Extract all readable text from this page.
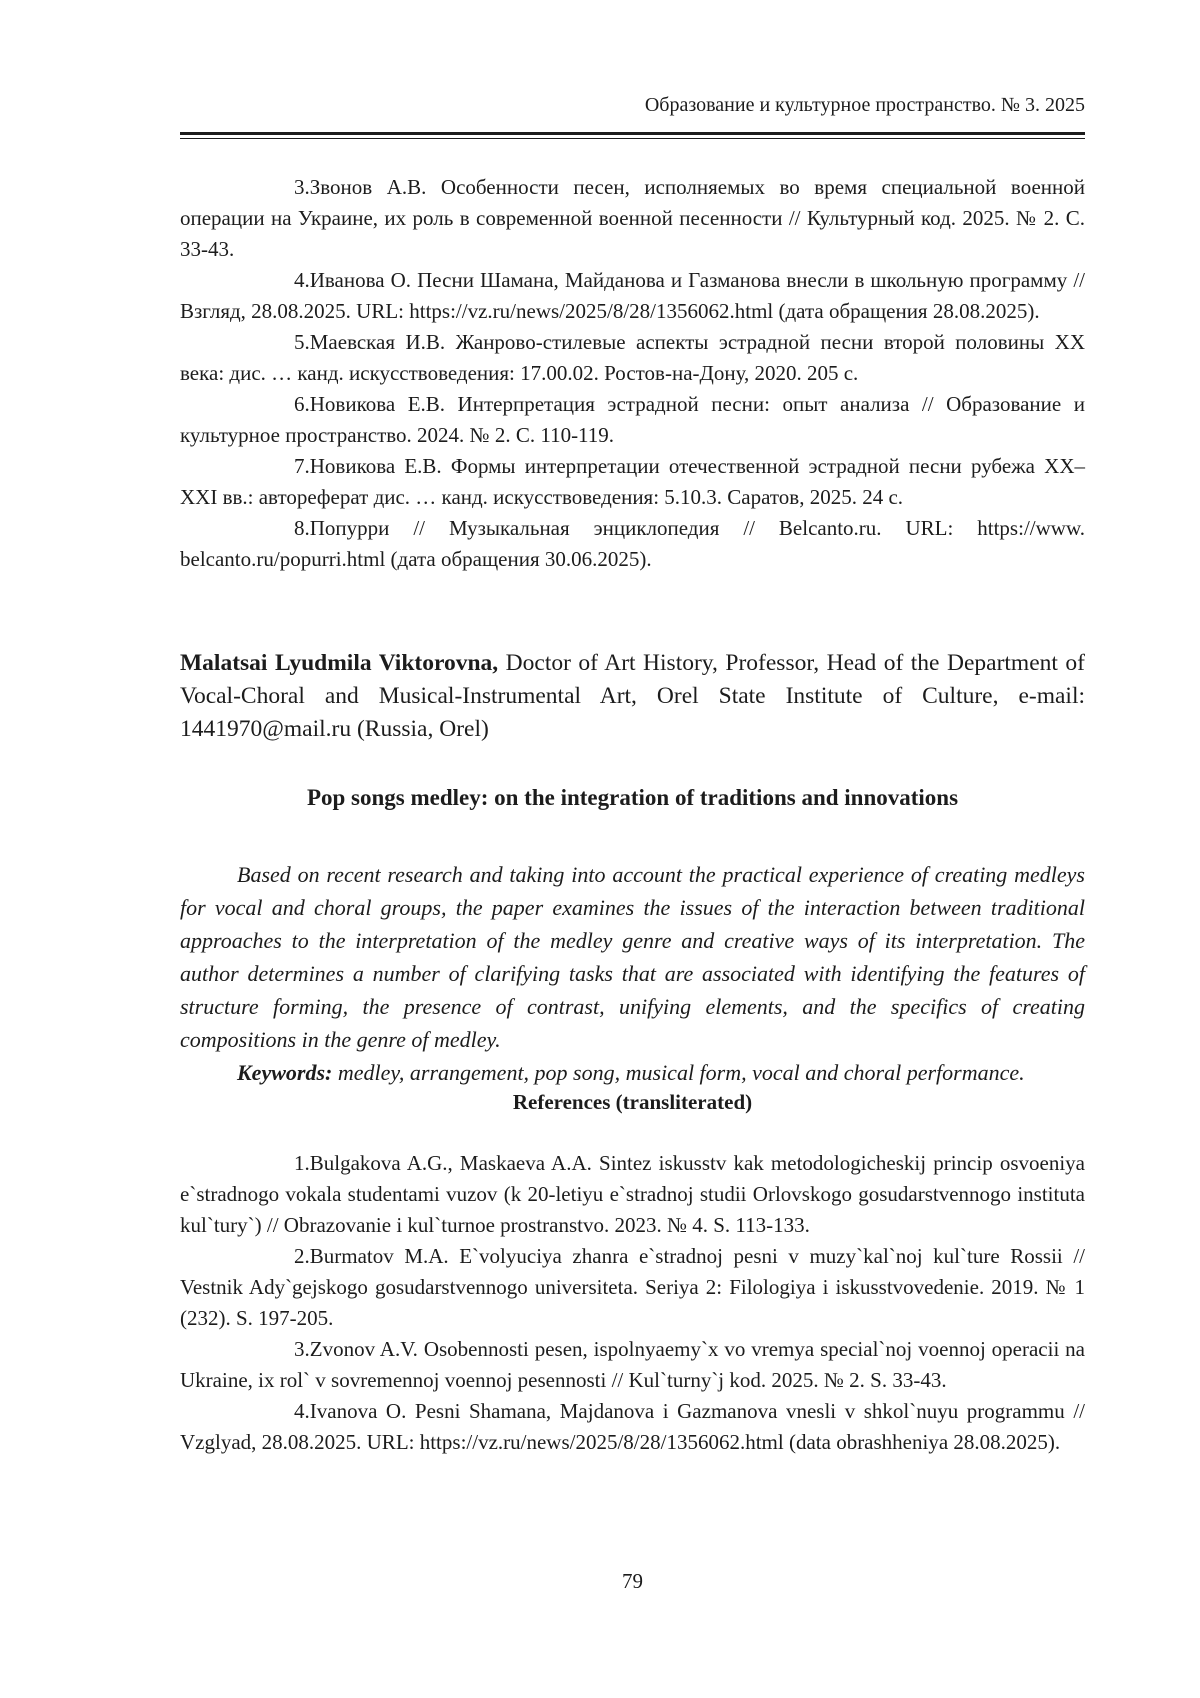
Образование и культурное пространство. № 3. 2025

3.Звонов А.В. Особенности песен, исполняемых во время специальной военной операции на Украине, их роль в современной военной песенности // Культурный код. 2025. № 2. С. 33-43.

4.Иванова О. Песни Шамана, Майданова и Газманова внесли в школьную программу // Взгляд, 28.08.2025. URL: https://vz.ru/news/2025/8/28/1356062.html (дата обращения 28.08.2025).

5.Маевская И.В. Жанрово-стилевые аспекты эстрадной песни второй половины XX века: дис. … канд. искусствоведения: 17.00.02. Ростов-на-Дону, 2020. 205 с.

6.Новикова Е.В. Интерпретация эстрадной песни: опыт анализа // Образование и культурное пространство. 2024. № 2. С. 110-119.

7.Новикова Е.В. Формы интерпретации отечественной эстрадной песни рубежа XX–XXI вв.: автореферат дис. … канд. искусствоведения: 5.10.3. Саратов, 2025. 24 с.

8.Попурри // Музыкальная энциклопедия // Belcanto.ru. URL: https://www. belcanto.ru/popurri.html (дата обращения 30.06.2025).

Malatsai Lyudmila Viktorovna, Doctor of Art History, Professor, Head of the Department of Vocal-Choral and Musical-Instrumental Art, Orel State Institute of Culture, e-mail: 1441970@mail.ru (Russia, Orel)
Pop songs medley: on the integration of traditions and innovations

Based on recent research and taking into account the practical experience of creating medleys for vocal and choral groups, the paper examines the issues of the interaction between traditional approaches to the interpretation of the medley genre and creative ways of its interpretation. The author determines a number of clarifying tasks that are associated with identifying the features of structure forming, the presence of contrast, unifying elements, and the specifics of creating compositions in the genre of medley.

Keywords: medley, arrangement, pop song, musical form, vocal and choral performance.

References (transliterated)

1.Bulgakova A.G., Maskaeva A.A. Sintez iskusstv kak metodologicheskij princip osvoeniya e`stradnogo vokala studentami vuzov (k 20-letiyu e`stradnoj studii Orlovskogo gosudarstvennogo instituta kul`tury`) // Obrazovanie i kul`turnoe prostranstvo. 2023. № 4. S. 113-133.

2.Burmatov M.A. E`volyuciya zhanra e`stradnoj pesni v muzy`kal`noj kul`ture Rossii // Vestnik Ady`gejskogo gosudarstvennogo universiteta. Seriya 2: Filologiya i iskusstvovedenie. 2019. № 1 (232). S. 197-205.

3.Zvonov A.V. Osobennosti pesen, ispolnyaemy`x vo vremya special`noj voennoj operacii na Ukraine, ix rol` v sovremennoj voennoj pesennosti // Kul`turny`j kod. 2025. № 2. S. 33-43.

4.Ivanova O. Pesni Shamana, Majdanova i Gazmanova vnesli v shkol`nuyu programmu // Vzglyad, 28.08.2025. URL: https://vz.ru/news/2025/8/28/1356062.html (data obrashheniya 28.08.2025).

79
